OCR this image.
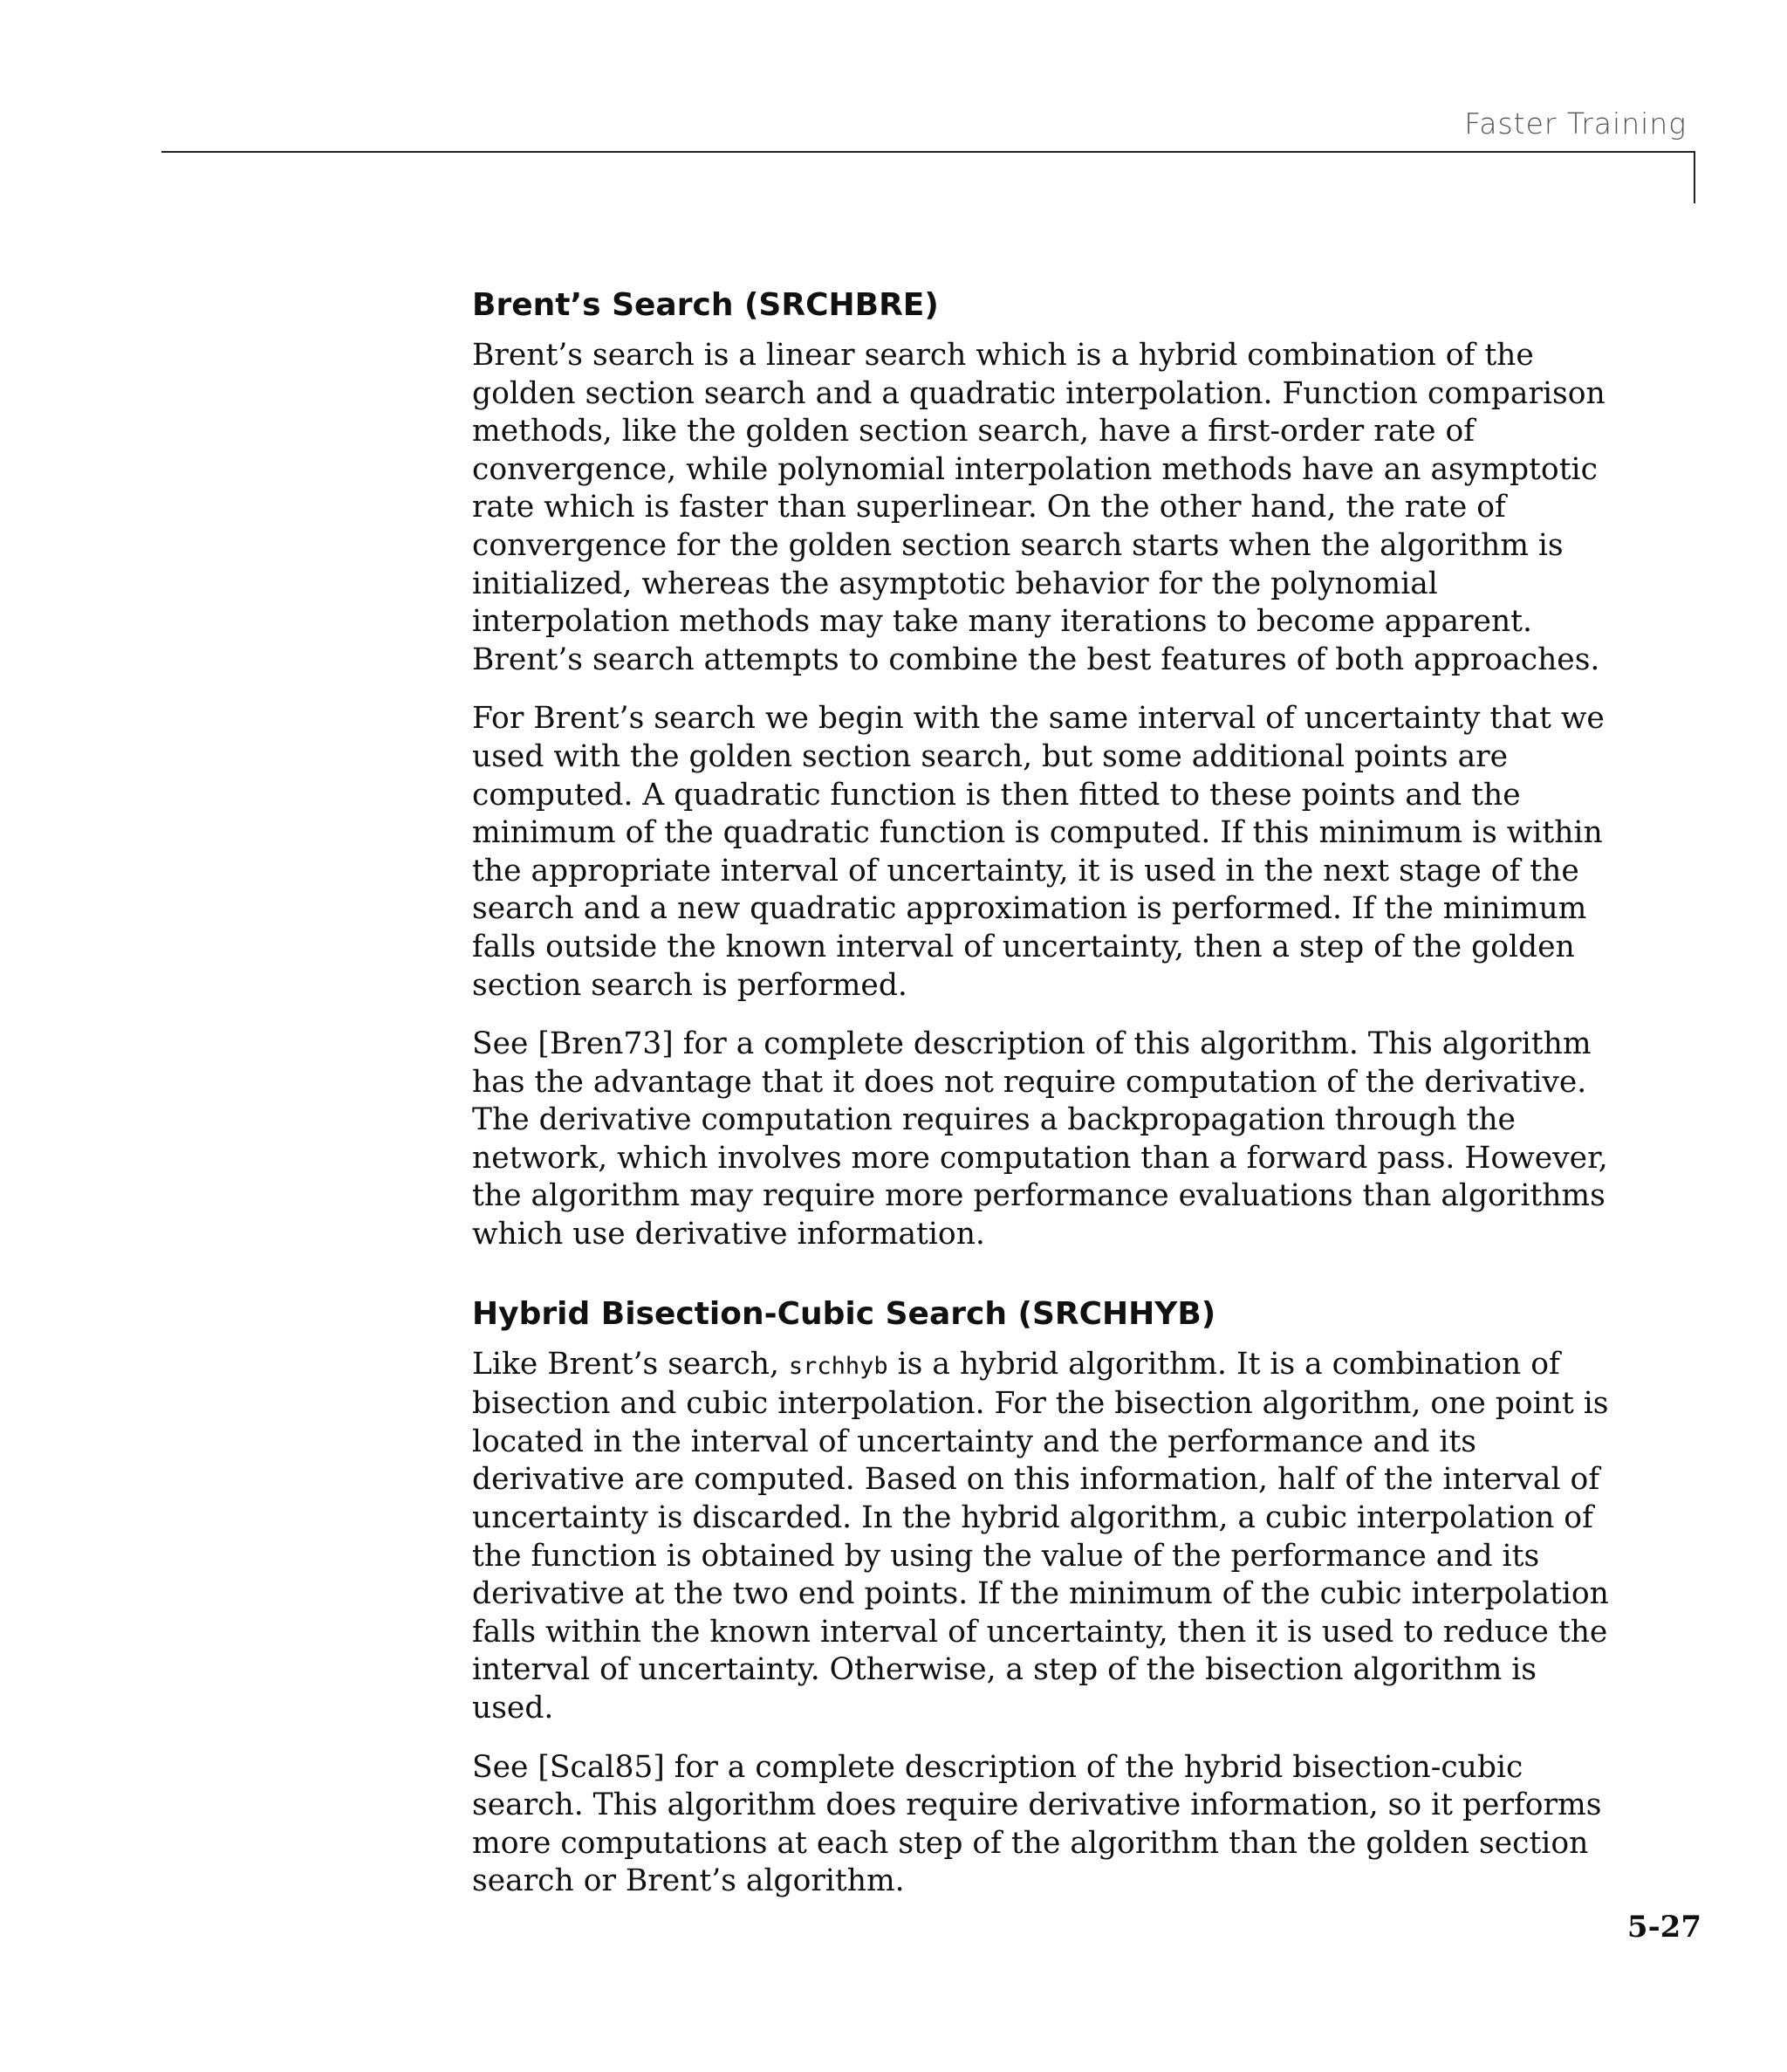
Faster Training
Brent’s Search (SRCHBRE)

Brent’s search is a linear search which is a hybrid combination of the golden section search and a quadratic interpolation. Function comparison methods, like the golden section search, have a first-order rate of convergence, while polynomial interpolation methods have an asymptotic rate which is faster than superlinear. On the other hand, the rate of convergence for the golden section search starts when the algorithm is initialized, whereas the asymptotic behavior for the polynomial interpolation methods may take many iterations to become apparent. Brent’s search attempts to combine the best features of both approaches.

For Brent’s search we begin with the same interval of uncertainty that we used with the golden section search, but some additional points are computed. A quadratic function is then fitted to these points and the minimum of the quadratic function is computed. If this minimum is within the appropriate interval of uncertainty, it is used in the next stage of the search and a new quadratic approximation is performed. If the minimum falls outside the known interval of uncertainty, then a step of the golden section search is performed.

See [Bren73] for a complete description of this algorithm. This algorithm has the advantage that it does not require computation of the derivative. The derivative computation requires a backpropagation through the network, which involves more computation than a forward pass. However, the algorithm may require more performance evaluations than algorithms which use derivative information.

Hybrid Bisection-Cubic Search (SRCHHYB)

Like Brent’s search, srchhyb is a hybrid algorithm. It is a combination of bisection and cubic interpolation. For the bisection algorithm, one point is located in the interval of uncertainty and the performance and its derivative are computed. Based on this information, half of the interval of uncertainty is discarded. In the hybrid algorithm, a cubic interpolation of the function is obtained by using the value of the performance and its derivative at the two end points. If the minimum of the cubic interpolation falls within the known interval of uncertainty, then it is used to reduce the interval of uncertainty. Otherwise, a step of the bisection algorithm is used.

See [Scal85] for a complete description of the hybrid bisection-cubic search. This algorithm does require derivative information, so it performs more computations at each step of the algorithm than the golden section search or Brent’s algorithm.

5-27
